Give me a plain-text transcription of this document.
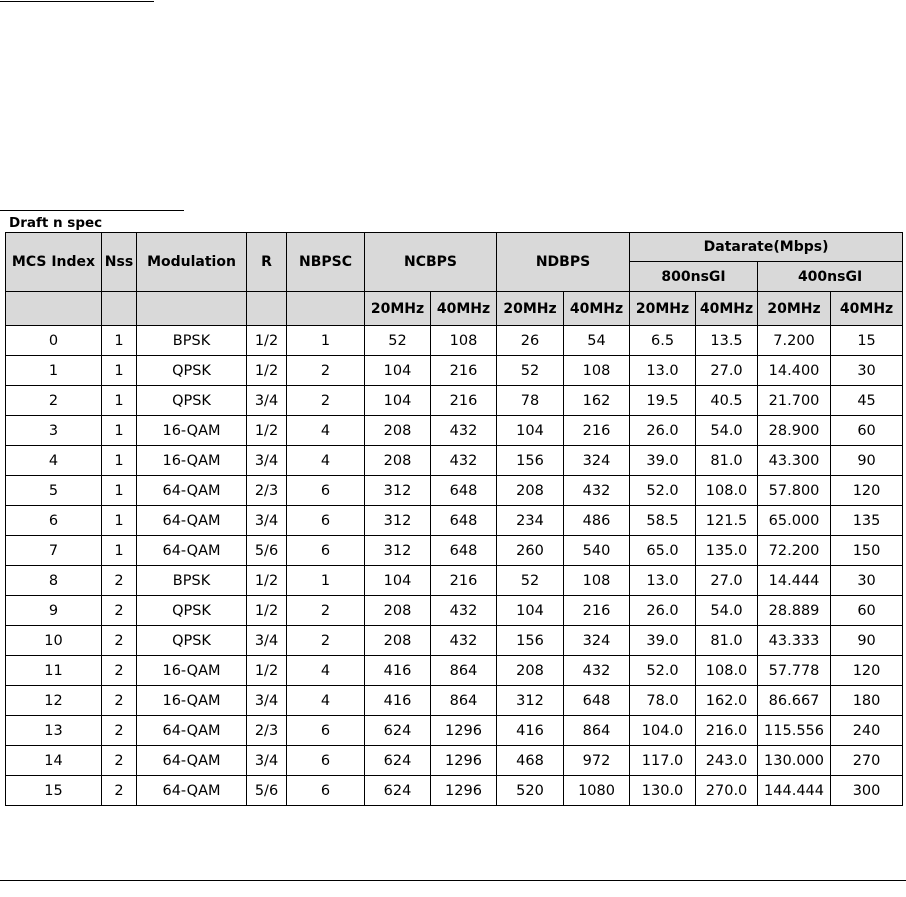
Draft n spec
MCS Index	Nss	Modulation	R	NBPSC	NCBPS		NDBPS		Datarate(Mbps)			
									800nsGI		400nsGI	
					20MHz	40MHz	20MHz	40MHz	20MHz	40MHz	20MHz	40MHz
0	1	BPSK	1/2	1	52	108	26	54	6.5	13.5	7.200	15
1	1	QPSK	1/2	2	104	216	52	108	13.0	27.0	14.400	30
2	1	QPSK	3/4	2	104	216	78	162	19.5	40.5	21.700	45
3	1	16-QAM	1/2	4	208	432	104	216	26.0	54.0	28.900	60
4	1	16-QAM	3/4	4	208	432	156	324	39.0	81.0	43.300	90
5	1	64-QAM	2/3	6	312	648	208	432	52.0	108.0	57.800	120
6	1	64-QAM	3/4	6	312	648	234	486	58.5	121.5	65.000	135
7	1	64-QAM	5/6	6	312	648	260	540	65.0	135.0	72.200	150
8	2	BPSK	1/2	1	104	216	52	108	13.0	27.0	14.444	30
9	2	QPSK	1/2	2	208	432	104	216	26.0	54.0	28.889	60
10	2	QPSK	3/4	2	208	432	156	324	39.0	81.0	43.333	90
11	2	16-QAM	1/2	4	416	864	208	432	52.0	108.0	57.778	120
12	2	16-QAM	3/4	4	416	864	312	648	78.0	162.0	86.667	180
13	2	64-QAM	2/3	6	624	1296	416	864	104.0	216.0	115.556	240
14	2	64-QAM	3/4	6	624	1296	468	972	117.0	243.0	130.000	270
15	2	64-QAM	5/6	6	624	1296	520	1080	130.0	270.0	144.444	300
